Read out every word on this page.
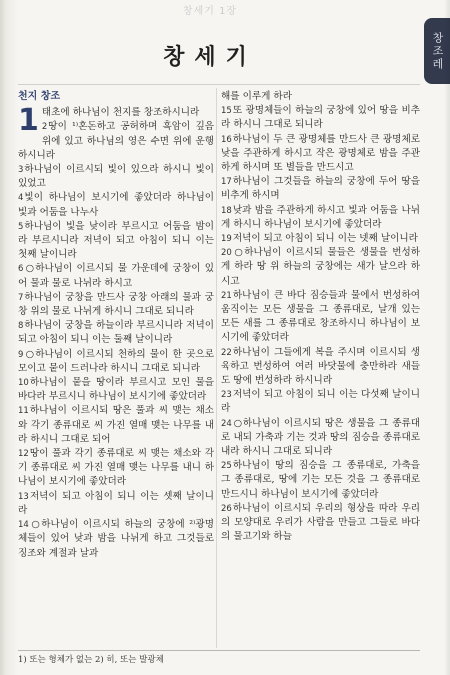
창세기 1장
창세기	창조레
천지 창조
1 태초에 하나님이 천지를 창조하시니라
2땅이 ¹⁾혼돈하고 공허하며 흑암이 깊음 위에 있고 하나님의 영은 수면 위에 운행하시니라
3하나님이 이르시되 빛이 있으라 하시니 빛이 있었고
4빛이 하나님이 보시기에 좋았더라 하나님이 빛과 어둠을 나누사
5하나님이 빛을 낮이라 부르시고 어둠을 밤이라 부르시니라 저녁이 되고 아침이 되니 이는 첫째 날이니라
6○하나님이 이르시되 물 가운데에 궁창이 있어 물과 물로 나뉘라 하시고
7하나님이 궁창을 만드사 궁창 아래의 물과 궁창 위의 물로 나뉘게 하시니 그대로 되니라
8하나님이 궁창을 하늘이라 부르시니라 저녁이 되고 아침이 되니 이는 둘째 날이니라
9○하나님이 이르시되 천하의 물이 한 곳으로 모이고 뭍이 드러나라 하시니 그대로 되니라
10하나님이 뭍을 땅이라 부르시고 모인 물을 바다라 부르시니 하나님이 보시기에 좋았더라
11하나님이 이르시되 땅은 풀과 씨 맺는 채소와 각기 종류대로 씨 가진 열매 맺는 나무를 내라 하시니 그대로 되어
12땅이 풀과 각기 종류대로 씨 맺는 채소와 각기 종류대로 씨 가진 열매 맺는 나무를 내니 하나님이 보시기에 좋았더라
13저녁이 되고 아침이 되니 이는 셋째 날이니라
14○하나님이 이르시되 하늘의 궁창에 ²⁾광명체들이 있어 낮과 밤을 나뉘게 하고 그것들로 징조와 계절과 날과
해를 이루게 하라
15또 광명체들이 하늘의 궁창에 있어 땅을 비추라 하시니 그대로 되니라
16하나님이 두 큰 광명체를 만드사 큰 광명체로 낮을 주관하게 하시고 작은 광명체로 밤을 주관하게 하시며 또 별들을 만드시고
17하나님이 그것들을 하늘의 궁창에 두어 땅을 비추게 하시며
18낮과 밤을 주관하게 하시고 빛과 어둠을 나뉘게 하시니 하나님이 보시기에 좋았더라
19저녁이 되고 아침이 되니 이는 넷째 날이니라
20○하나님이 이르시되 물들은 생물을 번성하게 하라 땅 위 하늘의 궁창에는 새가 날으라 하시고
21하나님이 큰 바다 짐승들과 물에서 번성하여 움직이는 모든 생물을 그 종류대로, 날개 있는 모든 새를 그 종류대로 창조하시니 하나님이 보시기에 좋았더라
22하나님이 그들에게 복을 주시며 이르시되 생육하고 번성하여 여러 바닷물에 충만하라 새들도 땅에 번성하라 하시니라
23저녁이 되고 아침이 되니 이는 다섯째 날이니라
24○하나님이 이르시되 땅은 생물을 그 종류대로 내되 가축과 기는 것과 땅의 짐승을 종류대로 내라 하시니 그대로 되니라
25하나님이 땅의 짐승을 그 종류대로, 가축을 그 종류대로, 땅에 기는 모든 것을 그 종류대로 만드시니 하나님이 보시기에 좋았더라
26하나님이 이르시되 우리의 형상을 따라 우리의 모양대로 우리가 사람을 만들고 그들로 바다의 물고기와 하늘
1) 또는 형체가 없는 2) 히, 또는 발광체
